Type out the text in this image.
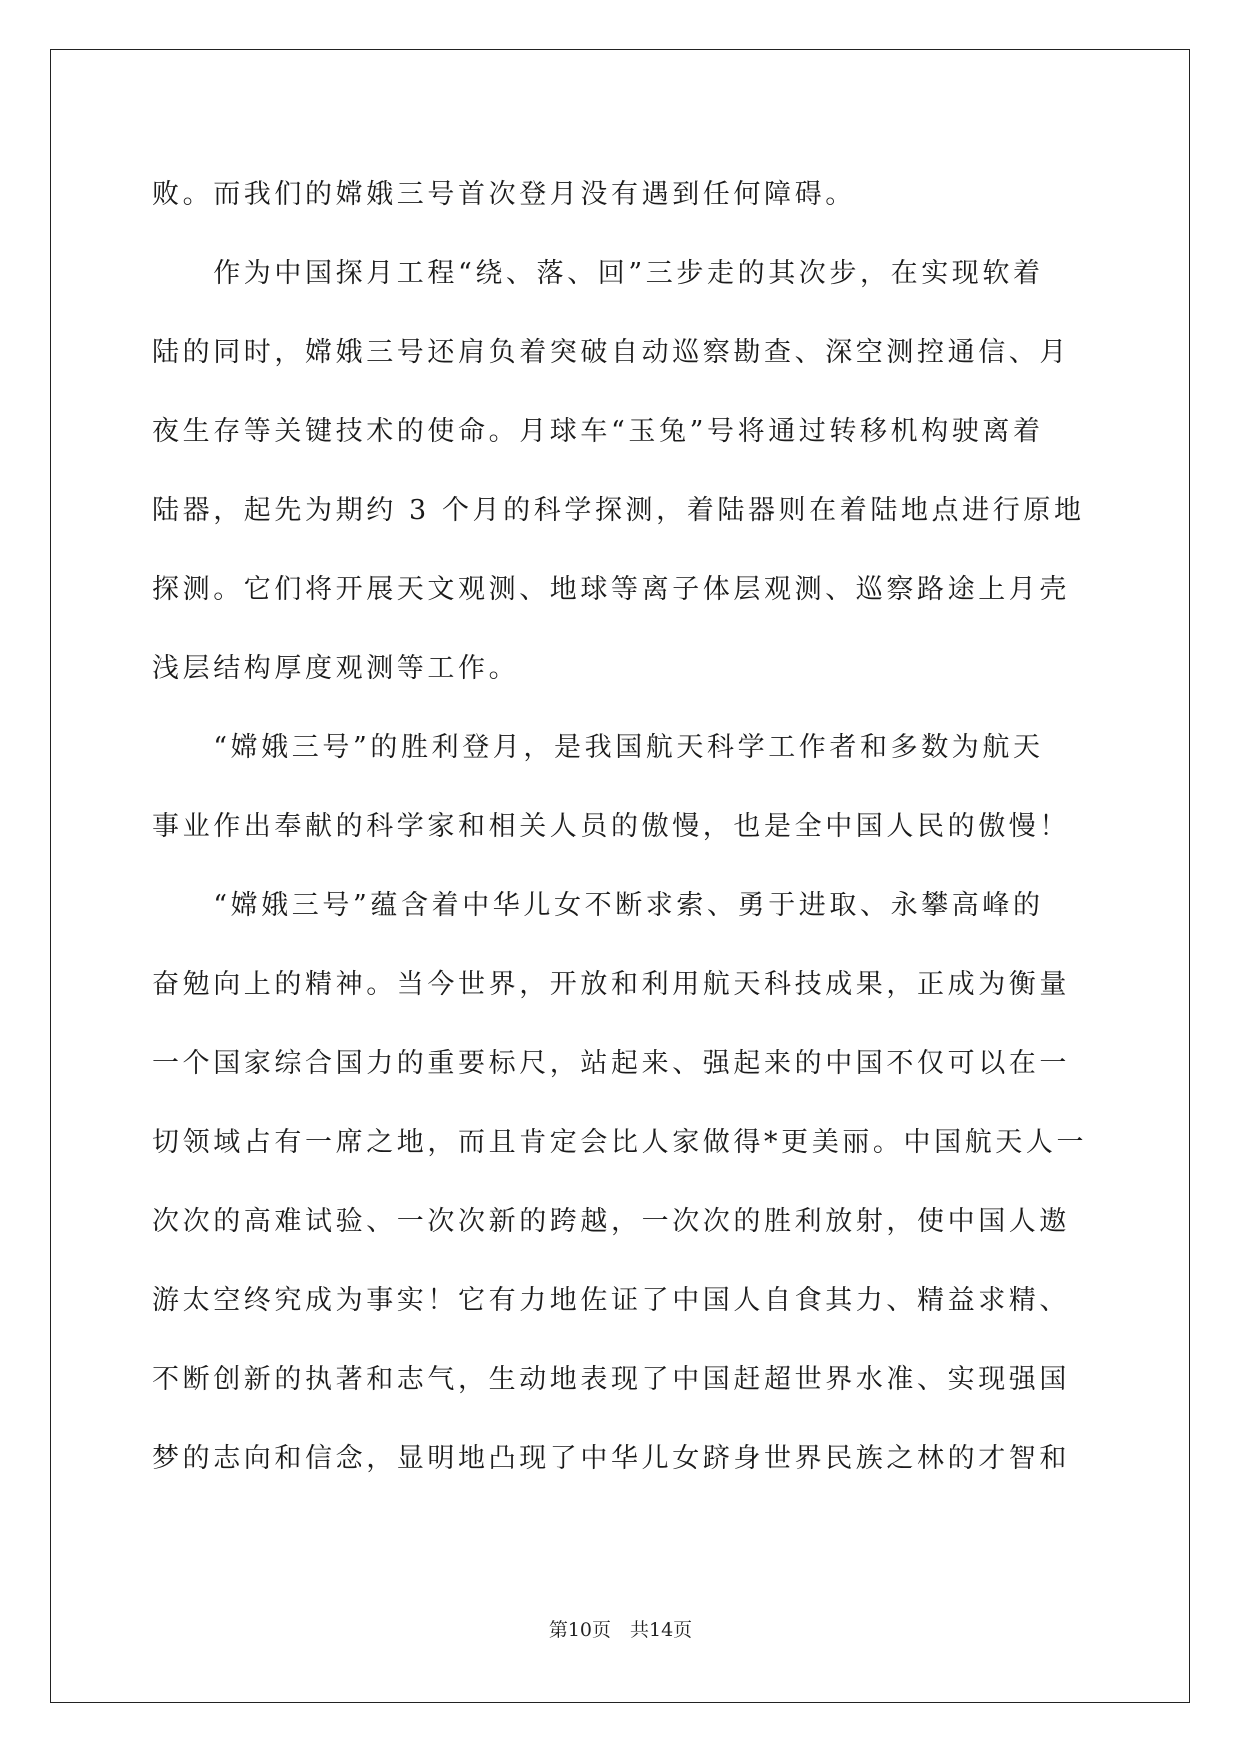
败。而我们的嫦娥三号首次登月没有遇到任何障碍。
　　作为中国探月工程“绕、落、回”三步走的其次步，在实现软着
陆的同时，嫦娥三号还肩负着突破自动巡察勘查、深空测控通信、月
夜生存等关键技术的使命。月球车“玉兔”号将通过转移机构驶离着
陆器，起先为期约 3 个月的科学探测，着陆器则在着陆地点进行原地
探测。它们将开展天文观测、地球等离子体层观测、巡察路途上月壳
浅层结构厚度观测等工作。
　　“嫦娥三号”的胜利登月，是我国航天科学工作者和多数为航天
事业作出奉献的科学家和相关人员的傲慢，也是全中国人民的傲慢！
　　“嫦娥三号”蕴含着中华儿女不断求索、勇于进取、永攀高峰的
奋勉向上的精神。当今世界，开放和利用航天科技成果，正成为衡量
一个国家综合国力的重要标尺，站起来、强起来的中国不仅可以在一
切领域占有一席之地，而且肯定会比人家做得*更美丽。中国航天人一
次次的高难试验、一次次新的跨越，一次次的胜利放射，使中国人遨
游太空终究成为事实！它有力地佐证了中国人自食其力、精益求精、
不断创新的执著和志气，生动地表现了中国赶超世界水准、实现强国
梦的志向和信念，显明地凸现了中华儿女跻身世界民族之林的才智和
第10页　共14页
